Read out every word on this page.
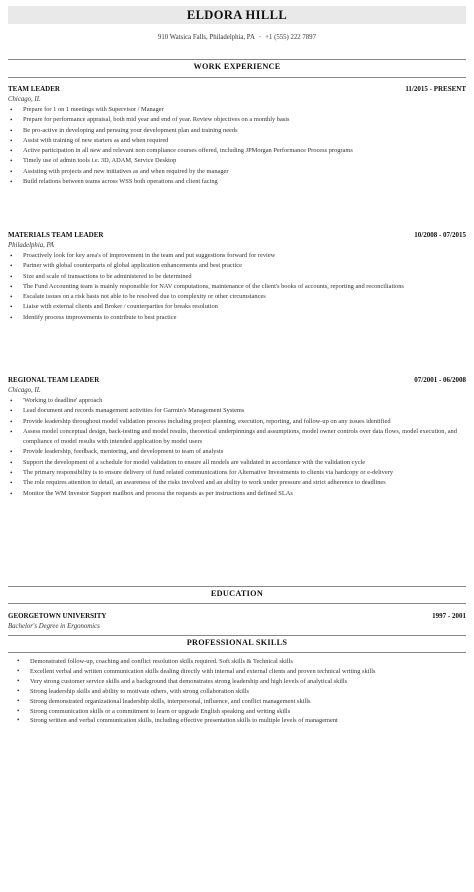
ELDORA HILLL
910 Watsica Falls, Philadelphia, PA · +1 (555) 222 7897
WORK EXPERIENCE
TEAM LEADER	11/2015 - PRESENT
Chicago, IL
• Prepare for 1 on 1 meetings with Supervisor / Manager
• Prepare for performance appraisal, both mid year and end of year. Review objectives on a monthly basis
• Be pro-active in developing and persuing your development plan and training needs
• Assist with training of new starters as and when required
• Active participation in all new and relevant non compliance courses offered, including JPMorgan Performance Process programs
• Timely use of admin tools i.e. 3D, ADAM, Service Desktop
• Assisting with projects and new initiatives as and when required by the manager
• Build relations between teams across WSS both operations and client facing
MATERIALS TEAM LEADER	10/2008 - 07/2015
Philadelphia, PA
• Proactively look for key area's of improvement in the team and put suggestions forward for review
• Partner with global counterparts of global application enhancements and best practice
• Size and scale of transactions to be administered to be determined
• The Fund Accounting team is mainly responsible for NAV computations, maintenance of the client's books of accounts, reporting and reconciliations
• Escalate issues on a risk basis not able to be resolved due to complexity or other circumstances
• Liaise with external clients and Broker / counterparties for breaks resolution
• Identify process improvements to contribute to best practice
REGIONAL TEAM LEADER	07/2001 - 06/2008
Chicago, IL
• 'Working to deadline' approach
• Lead document and records management activities for Garmin's Management Systems
• Provide leadership throughout model validation process including project planning, execution, reporting, and follow-up on any issues identified
• Assess model conceptual design, back-testing and model results, theoretical underpinnings and assumptions, model owner controls over data flows, model execution, and compliance of model results with intended application by model users
• Provide leadership, feedback, mentoring, and development to team of analysts
• Support the development of a schedule for model validation to ensure all models are validated in accordance with the validation cycle
• The primary responsibility is to ensure delivery of fund related communications for Alternative Investments to clients via hardcopy or e-delivery
• The role requires attention to detail, an awareness of the risks involved and an ability to work under pressure and strict adherence to deadlines
• Monitor the WM Investor Support mailbox and process the requests as per instructions and defined SLAs
EDUCATION
GEORGETOWN UNIVERSITY	1997 - 2001
Bachelor's Degree in Ergonomics
PROFESSIONAL SKILLS
• Demonstrated follow-up, coaching and conflict resolution skills required. Soft skills & Technical skills
• Excellent verbal and written communication skills dealing directly with internal and external clients and proven technical writing skills
• Very strong customer service skills and a background that demonstrates strong leadership and high levels of analytical skills
• Strong leadership skills and ability to motivate others, with strong collaboration skills
• Strong demonstrated organizational leadership skills, interpersonal, influence, and conflict management skills
• Strong communication skills or a commitment to learn or upgrade English speaking and writing skills
• Strong written and verbal communication skills, including effective presentation skills to multiple levels of management
